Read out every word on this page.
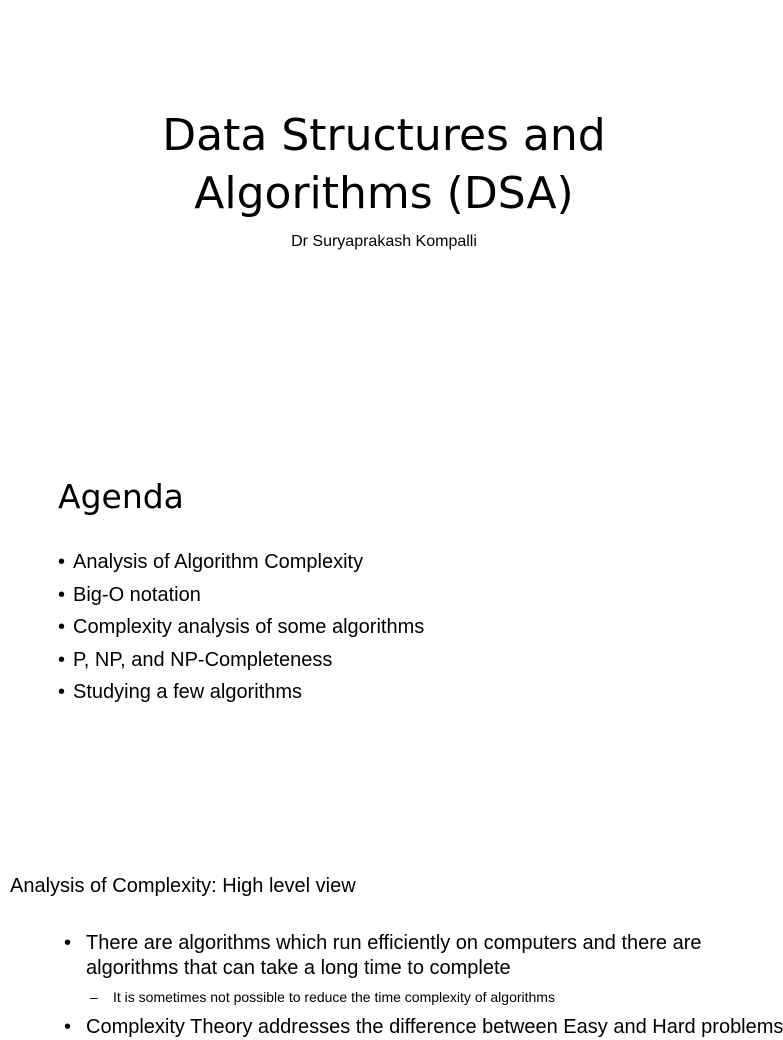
Data Structures and
Algorithms (DSA)
Dr Suryaprakash Kompalli
Agenda
• Analysis of Algorithm Complexity
• Big-O notation
• Complexity analysis of some algorithms
• P, NP, and NP-Completeness
• Studying a few algorithms
Analysis of Complexity: High level view
• There are algorithms which run efficiently on computers and there are algorithms that can take a long time to complete
– It is sometimes not possible to reduce the time complexity of algorithms
• Complexity Theory addresses the difference between Easy and Hard problems
